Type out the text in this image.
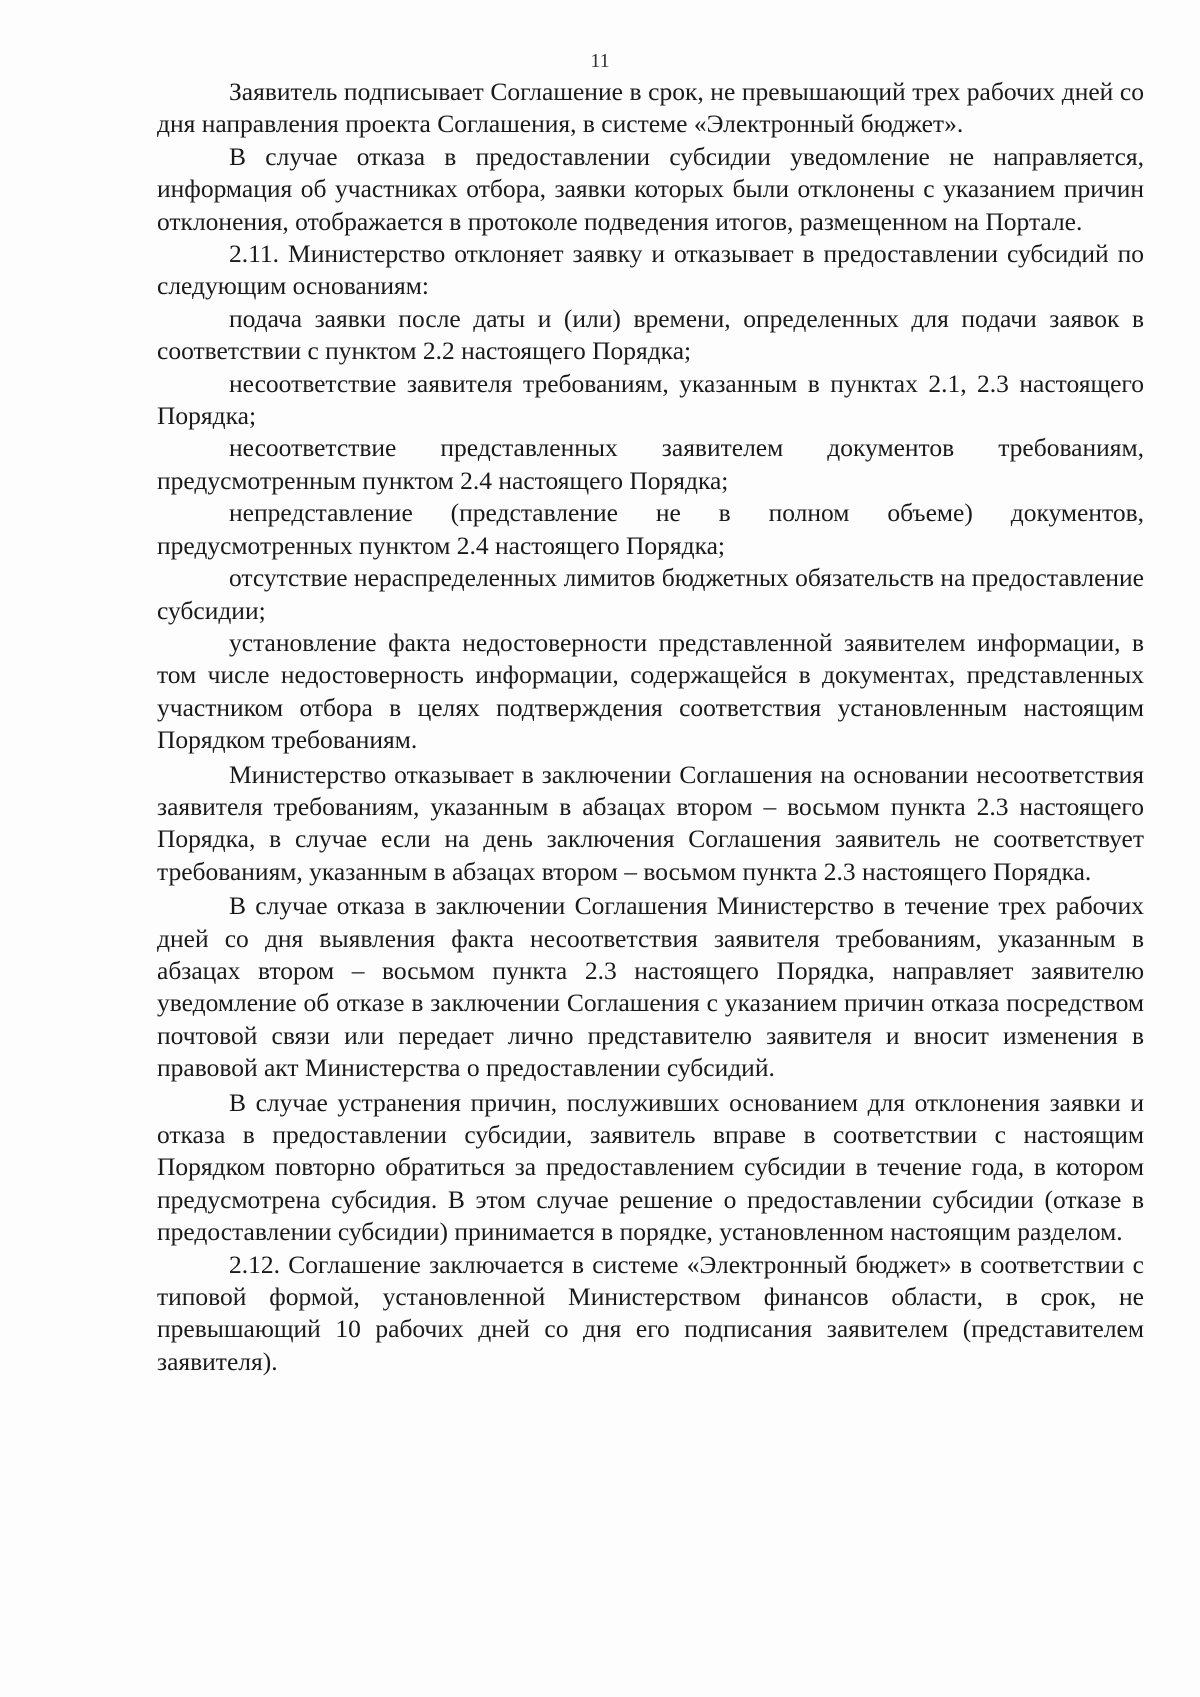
11

Заявитель подписывает Соглашение в срок, не превышающий трех рабочих дней со дня направления проекта Соглашения, в системе «Электронный бюджет».

В случае отказа в предоставлении субсидии уведомление не направляется, информация об участниках отбора, заявки которых были отклонены с указанием причин отклонения, отображается в протоколе подведения итогов, размещенном на Портале.

2.11. Министерство отклоняет заявку и отказывает в предоставлении субсидий по следующим основаниям:

подача заявки после даты и (или) времени, определенных для подачи заявок в соответствии с пунктом 2.2 настоящего Порядка;

несоответствие заявителя требованиям, указанным в пунктах 2.1, 2.3 настоящего Порядка;

несоответствие представленных заявителем документов требованиям, предусмотренным пунктом 2.4 настоящего Порядка;

непредставление (представление не в полном объеме) документов, предусмотренных пунктом 2.4 настоящего Порядка;

отсутствие нераспределенных лимитов бюджетных обязательств на предоставление субсидии;

установление факта недостоверности представленной заявителем информации, в том числе недостоверность информации, содержащейся в документах, представленных участником отбора в целях подтверждения соответствия установленным настоящим Порядком требованиям.

Министерство отказывает в заключении Соглашения на основании несоответствия заявителя требованиям, указанным в абзацах втором – восьмом пункта 2.3 настоящего Порядка, в случае если на день заключения Соглашения заявитель не соответствует требованиям, указанным в абзацах втором – восьмом пункта 2.3 настоящего Порядка.

В случае отказа в заключении Соглашения Министерство в течение трех рабочих дней со дня выявления факта несоответствия заявителя требованиям, указанным в абзацах втором – восьмом пункта 2.3 настоящего Порядка, направляет заявителю уведомление об отказе в заключении Соглашения с указанием причин отказа посредством почтовой связи или передает лично представителю заявителя и вносит изменения в правовой акт Министерства о предоставлении субсидий.

В случае устранения причин, послуживших основанием для отклонения заявки и отказа в предоставлении субсидии, заявитель вправе в соответствии с настоящим Порядком повторно обратиться за предоставлением субсидии в течение года, в котором предусмотрена субсидия. В этом случае решение о предоставлении субсидии (отказе в предоставлении субсидии) принимается в порядке, установленном настоящим разделом.

2.12. Соглашение заключается в системе «Электронный бюджет» в соответствии с типовой формой, установленной Министерством финансов области, в срок, не превышающий 10 рабочих дней со дня его подписания заявителем (представителем заявителя).
